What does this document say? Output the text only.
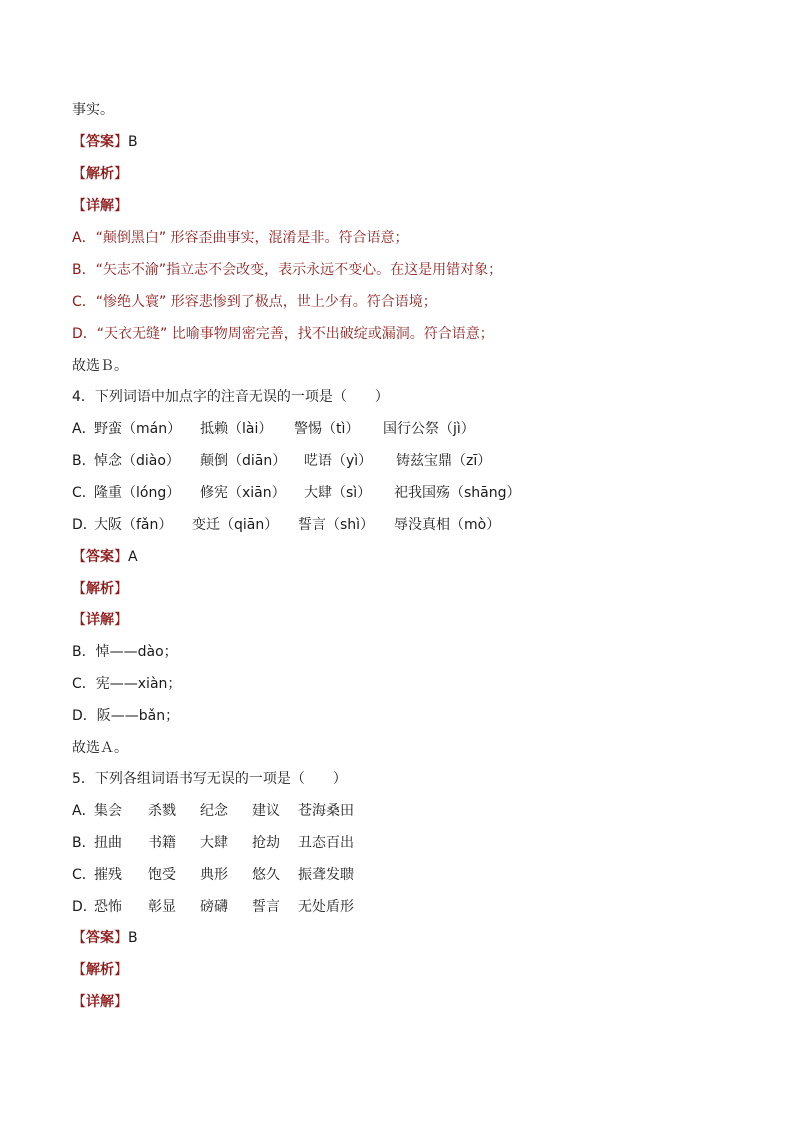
事实。
【答案】B
【解析】
【详解】
A．“颠倒黑白” 形容歪曲事实，混淆是非。符合语意；
B．“矢志不渝”指立志不会改变，表示永远不变心。在这是用错对象；
C．“惨绝人寰” 形容悲惨到了极点，世上少有。符合语境；
D．“天衣无缝” 比喻事物周密完善，找不出破绽或漏洞。符合语意；
故选Ｂ。
4．下列词语中加点字的注音无误的一项是（　　）
A．
野蛮（mán） 抵赖（lài） 警惕（tì） 国行公祭（jì）
B．
悼念（diào） 颠倒（diān） 呓语（yì） 铸兹宝鼎（zī）
C．
隆重（lóng） 修宪（xiān） 大肆（sì） 祀我国殇（shāng）
D．
大阪（fǎn） 变迁（qiān） 誓言（shì） 辱没真相（mò）
【答案】A
【解析】
【详解】
B．悼——dào；
C．宪——xiàn；
D．阪——bǎn；
故选Ａ。
5．下列各组词语书写无误的一项是（　　）
A．
集会 杀戮 纪念 建议 苍海桑田
B．
扭曲 书籍 大肆 抢劫 丑态百出
C．
摧残 饱受 典形 悠久 振聋发聩
D．
恐怖 彰显 磅礴 誓言 无处盾形
【答案】B
【解析】
【详解】
